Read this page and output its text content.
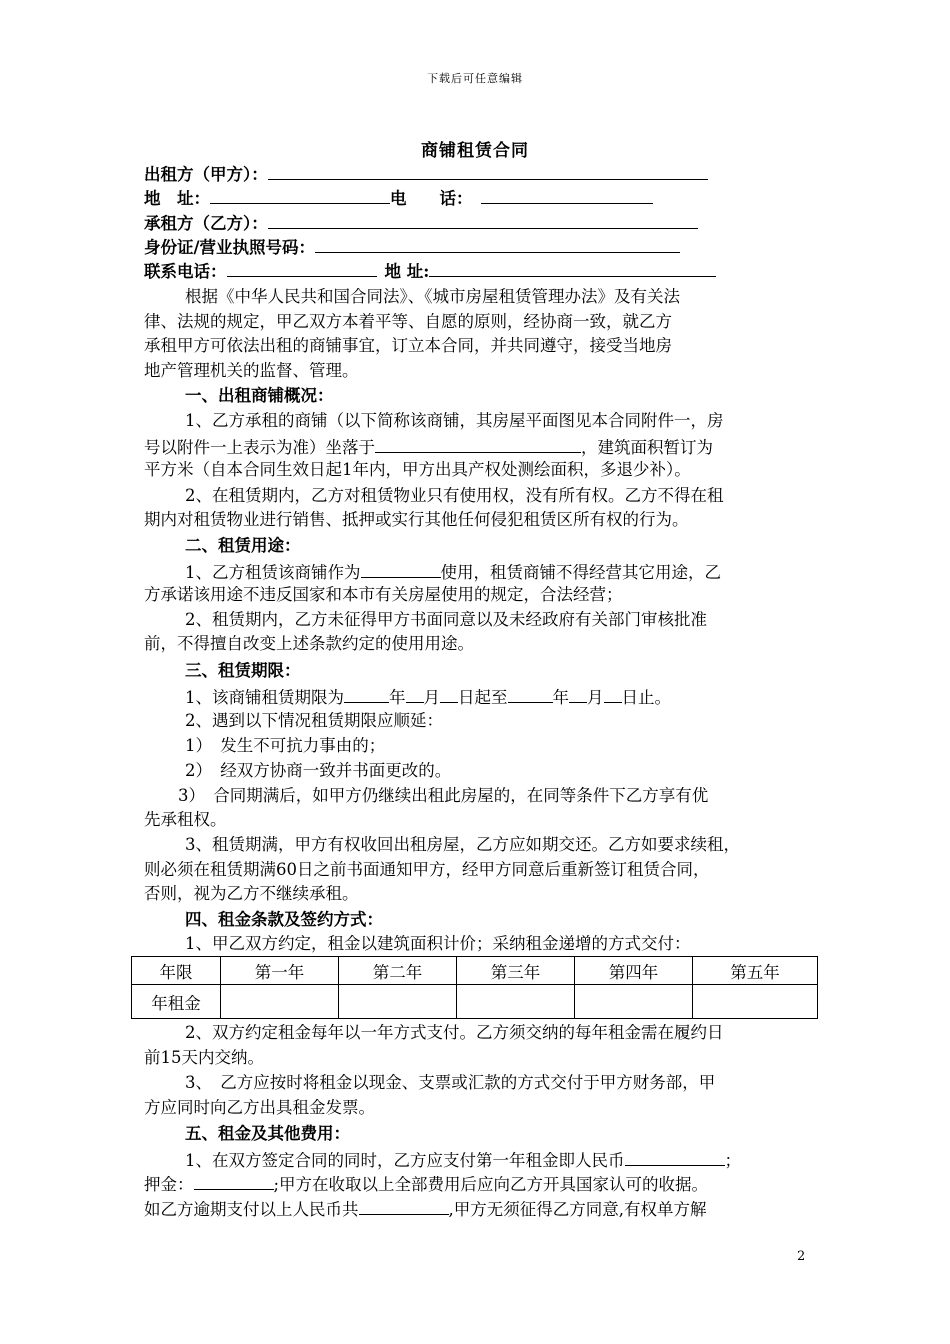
下载后可任意编辑
商铺租赁合同
出租方（甲方）：
地　址：	电　　话：
承租方（乙方）：
身份证/营业执照号码：
联系电话：	地 址:
根据《中华人民共和国合同法》、《城市房屋租赁管理办法》及有关法
律、法规的规定，甲乙双方本着平等、自愿的原则，经协商一致，就乙方
承租甲方可依法出租的商铺事宜，订立本合同，并共同遵守，接受当地房
地产管理机关的监督、管理。
一、出租商铺概况：
1、乙方承租的商铺（以下简称该商铺，其房屋平面图见本合同附件一，房
号以附件一上表示为准）坐落于	，建筑面积暂订为
平方米（自本合同生效日起1年内，甲方出具产权处测绘面积，多退少补）。
2、在租赁期内，乙方对租赁物业只有使用权，没有所有权。乙方不得在租
期内对租赁物业进行销售、抵押或实行其他任何侵犯租赁区所有权的行为。
二、租赁用途：
1、乙方租赁该商铺作为	使用，租赁商铺不得经营其它用途，乙
方承诺该用途不违反国家和本市有关房屋使用的规定，合法经营；
2、租赁期内，乙方未征得甲方书面同意以及未经政府有关部门审核批准
前，不得擅自改变上述条款约定的使用用途。
三、租赁期限：
1、该商铺租赁期限为	年 月 日起至	年 月 日止。
2、遇到以下情况租赁期限应顺延：
1）　发生不可抗力事由的；
2）　经双方协商一致并书面更改的。
3）　合同期满后，如甲方仍继续出租此房屋的，在同等条件下乙方享有优
先承租权。
3、租赁期满，甲方有权收回出租房屋，乙方应如期交还。乙方如要求续租，
则必须在租赁期满60日之前书面通知甲方，经甲方同意后重新签订租赁合同，
否则，视为乙方不继续承租。
四、租金条款及签约方式：
1、甲乙双方约定，租金以建筑面积计价；采纳租金递增的方式交付：
年限	第一年	第二年	第三年	第四年	第五年
年租金					
2、双方约定租金每年以一年方式支付。乙方须交纳的每年租金需在履约日
前15天内交纳。
3、　乙方应按时将租金以现金、支票或汇款的方式交付于甲方财务部，甲
方应同时向乙方出具租金发票。
五、租金及其他费用：
1、在双方签定合同的同时，乙方应支付第一年租金即人民币	；
押金：	;甲方在收取以上全部费用后应向乙方开具国家认可的收据。
如乙方逾期支付以上人民币共	,甲方无须征得乙方同意,有权单方解
2
